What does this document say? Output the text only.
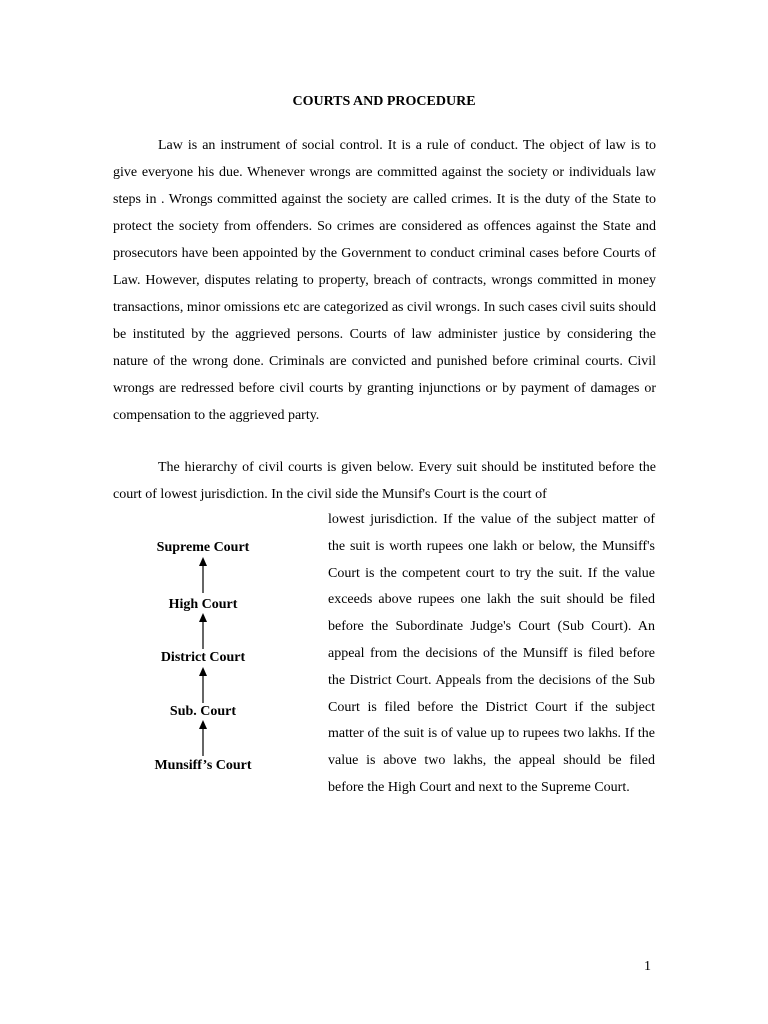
COURTS AND PROCEDURE

Law is an instrument of social control. It is a rule of conduct. The object of law is to give everyone his due. Whenever wrongs are committed against the society or individuals law steps in . Wrongs committed against the society are called crimes. It is the duty of the State to protect the society from offenders. So crimes are considered as offences against the State and prosecutors have been appointed by the Government to conduct criminal cases before Courts of Law. However, disputes relating to property, breach of contracts, wrongs committed in money transactions, minor omissions etc are categorized as civil wrongs. In such cases civil suits should be instituted by the aggrieved persons. Courts of law administer justice by considering the nature of the wrong done. Criminals are convicted and punished before criminal courts. Civil wrongs are redressed before civil courts by granting injunctions or by payment of damages or compensation to the aggrieved party.

The hierarchy of civil courts is given below. Every suit should be instituted before the court of lowest jurisdiction. In the civil side the Munsif's Court is the court of

Supreme Court
High Court
District Court
Sub. Court
Munsiff’s Court

lowest jurisdiction. If the value of the subject matter of the suit is worth rupees one lakh or below, the Munsiff's Court is the competent court to try the suit. If the value exceeds above rupees one lakh the suit should be filed before the Subordinate Judge's Court (Sub Court). An appeal from the decisions of the Munsiff is filed before the District Court. Appeals from the decisions of the Sub Court is filed before the District Court if the subject matter of the suit is of value up to rupees two lakhs. If the value is above two lakhs, the appeal should be filed before the High Court and next to the Supreme Court.

1
